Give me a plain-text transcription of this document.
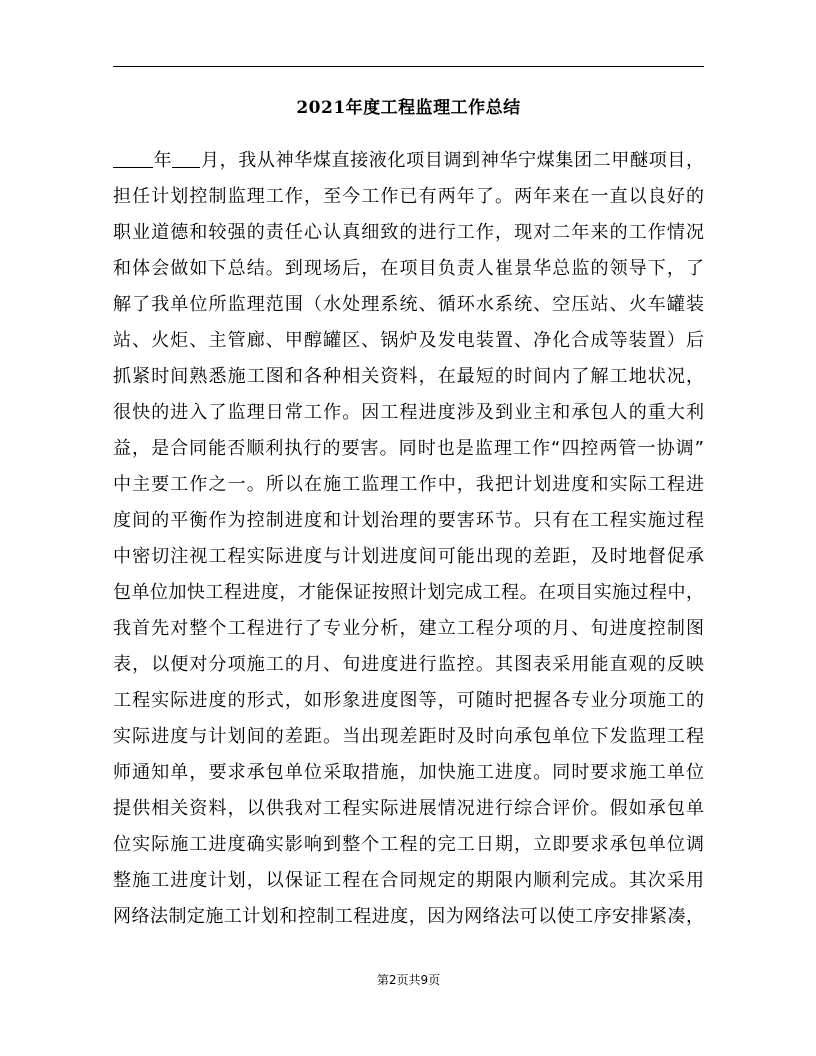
2021年度工程监理工作总结
年 月，我从神华煤直接液化项目调到神华宁煤集团二甲醚项目，
担任计划控制监理工作，至今工作已有两年了。两年来在一直以良好的
职业道德和较强的责任心认真细致的进行工作，现对二年来的工作情况
和体会做如下总结。到现场后，在项目负责人崔景华总监的领导下，了
解了我单位所监理范围（水处理系统、循环水系统、空压站、火车罐装
站、火炬、主管廊、甲醇罐区、锅炉及发电装置、净化合成等装置）后
抓紧时间熟悉施工图和各种相关资料，在最短的时间内了解工地状况，
很快的进入了监理日常工作。因工程进度涉及到业主和承包人的重大利
益，是合同能否顺利执行的要害。同时也是监理工作“四控两管一协调”
中主要工作之一。所以在施工监理工作中，我把计划进度和实际工程进
度间的平衡作为控制进度和计划治理的要害环节。只有在工程实施过程
中密切注视工程实际进度与计划进度间可能出现的差距，及时地督促承
包单位加快工程进度，才能保证按照计划完成工程。在项目实施过程中，
我首先对整个工程进行了专业分析，建立工程分项的月、旬进度控制图
表，以便对分项施工的月、旬进度进行监控。其图表采用能直观的反映
工程实际进度的形式，如形象进度图等，可随时把握各专业分项施工的
实际进度与计划间的差距。当出现差距时及时向承包单位下发监理工程
师通知单，要求承包单位采取措施，加快施工进度。同时要求施工单位
提供相关资料，以供我对工程实际进展情况进行综合评价。假如承包单
位实际施工进度确实影响到整个工程的完工日期，立即要求承包单位调
整施工进度计划，以保证工程在合同规定的期限内顺利完成。其次采用
网络法制定施工计划和控制工程进度，因为网络法可以使工序安排紧凑，
第2页共9页
